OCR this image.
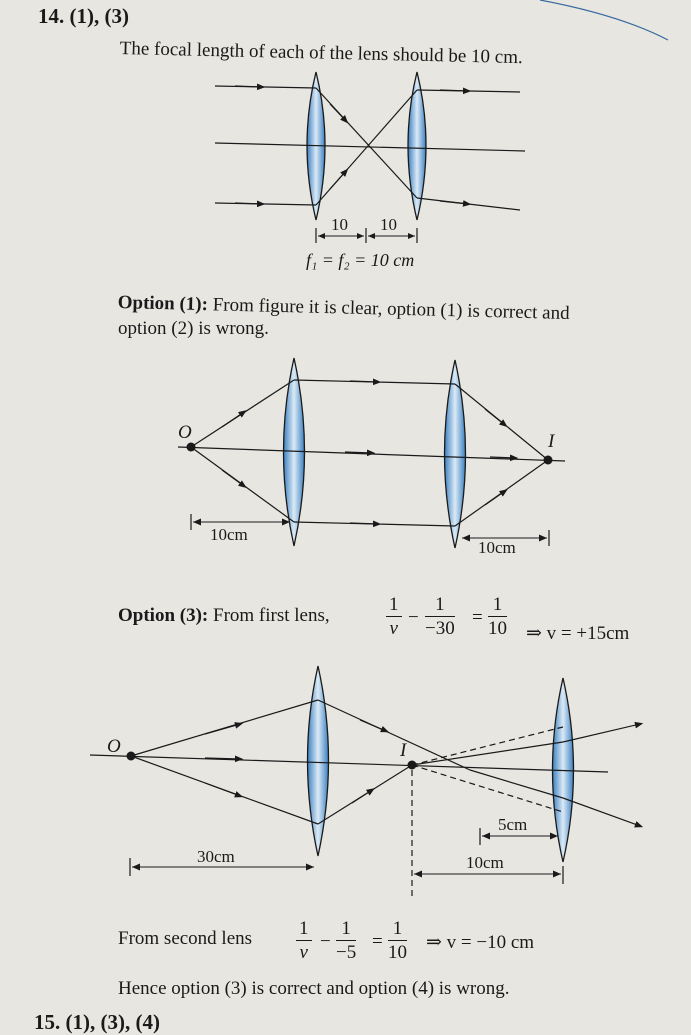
14. (1), (3)
The focal length of each of the lens should be 10 cm.
10 10
f₁ = f₂ = 10 cm
O	I
10cm
10cm
O	I
5cm
30cm	10cm
Option (1): From figure it is clear, option (1) is correct and
option (2) is wrong.
Option (3): From first lens,	$\frac{1}{v} - \frac{1}{-30} = \frac{1}{10}$ ⇒ v = +15cm
From second lens $\frac{1}{v} - \frac{1}{-5} = \frac{1}{10}$ ⇒ v = −10 cm
Hence option (3) is correct and option (4) is wrong.
15. (1), (3), (4)
